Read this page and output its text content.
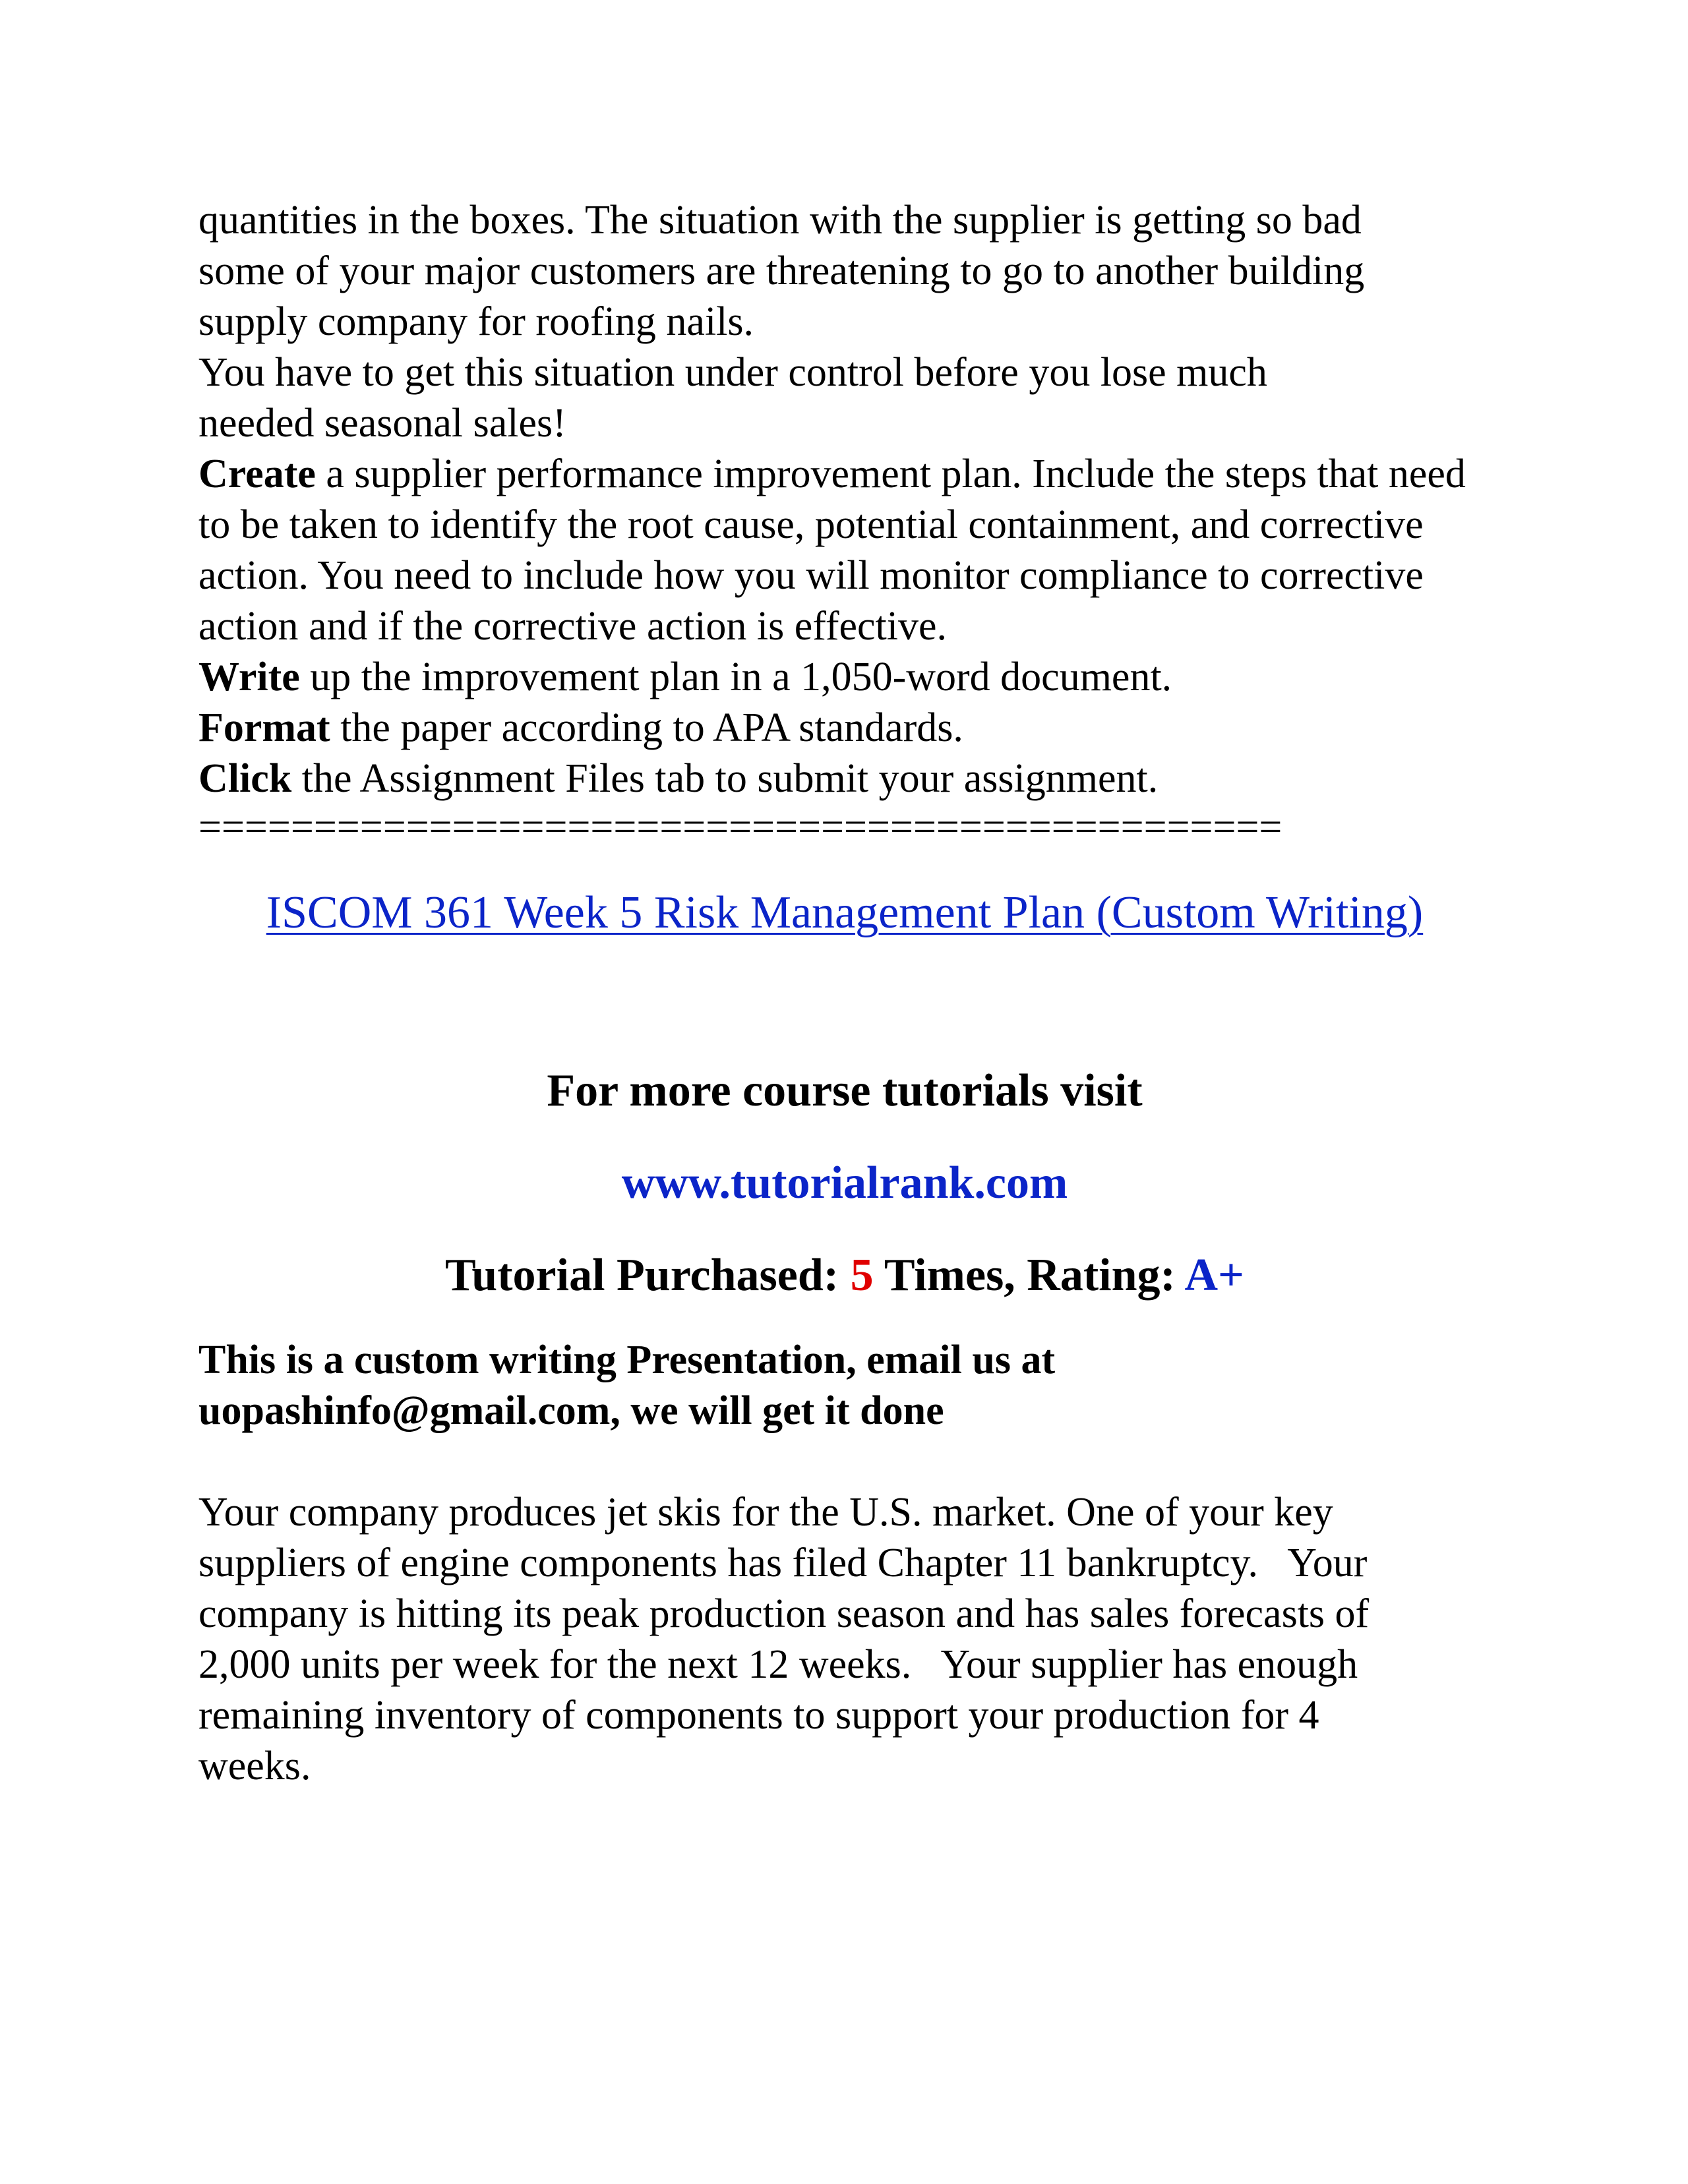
quantities in the boxes. The situation with the supplier is getting so bad
some of your major customers are threatening to go to another building
supply company for roofing nails.
You have to get this situation under control before you lose much
needed seasonal sales!

Create a supplier performance improvement plan. Include the steps that need to be taken to identify the root cause, potential containment, and corrective action. You need to include how you will monitor compliance to corrective action and if the corrective action is effective.

Write up the improvement plan in a 1,050-word document.

Format the paper according to APA standards.

Click the Assignment Files tab to submit your assignment.

===============================================

ISCOM 361 Week 5 Risk Management Plan (Custom Writing)

For more course tutorials visit

www.tutorialrank.com

Tutorial Purchased: 5 Times, Rating: A+

This is a custom writing Presentation, email us at
uopashinfo@gmail.com, we will get it done

Your company produces jet skis for the U.S. market. One of your key
suppliers of engine components has filed Chapter 11 bankruptcy.   Your
company is hitting its peak production season and has sales forecasts of
2,000 units per week for the next 12 weeks.   Your supplier has enough
remaining inventory of components to support your production for 4
weeks.
